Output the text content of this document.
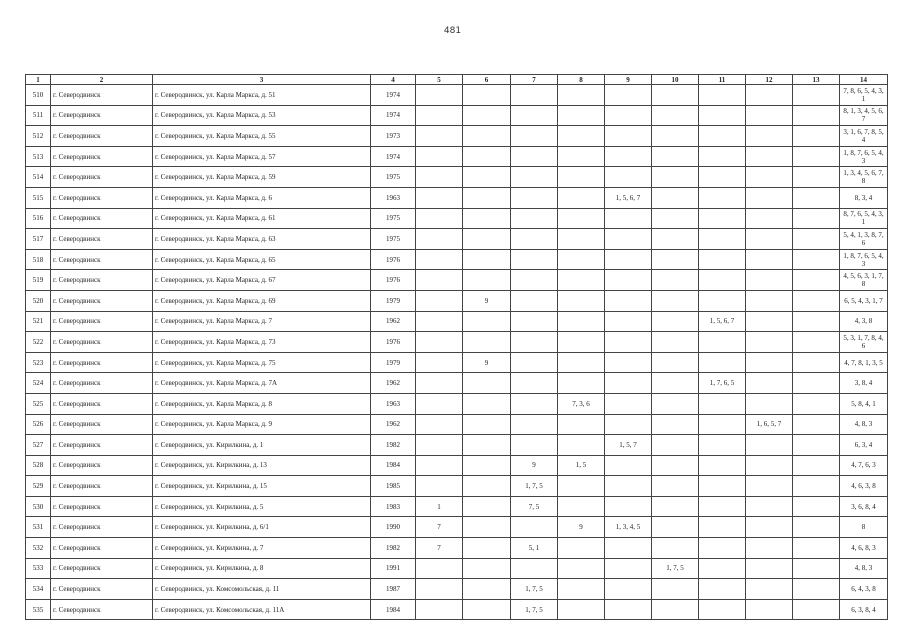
481
1	2	3	4	5	6	7	8	9	10	11	12	13	14
510	г. Северодвинск	г. Северодвинск, ул. Карла Маркса, д. 51	1974										7, 8, 6, 5, 4, 3, 1
511	г. Северодвинск	г. Северодвинск, ул. Карла Маркса, д. 53	1974										8, 1, 3, 4, 5, 6, 7
512	г. Северодвинск	г. Северодвинск, ул. Карла Маркса, д. 55	1973										3, 1, 6, 7, 8, 5, 4
513	г. Северодвинск	г. Северодвинск, ул. Карла Маркса, д. 57	1974										1, 8, 7, 6, 5, 4, 3
514	г. Северодвинск	г. Северодвинск, ул. Карла Маркса, д. 59	1975										1, 3, 4, 5, 6, 7, 8
515	г. Северодвинск	г. Северодвинск, ул. Карла Маркса, д. 6	1963					1, 5, 6, 7					8, 3, 4
516	г. Северодвинск	г. Северодвинск, ул. Карла Маркса, д. 61	1975										8, 7, 6, 5, 4, 3, 1
517	г. Северодвинск	г. Северодвинск, ул. Карла Маркса, д. 63	1975										5, 4, 1, 3, 8, 7, 6
518	г. Северодвинск	г. Северодвинск, ул. Карла Маркса, д. 65	1976										1, 8, 7, 6, 5, 4, 3
519	г. Северодвинск	г. Северодвинск, ул. Карла Маркса, д. 67	1976										4, 5, 6, 3, 1, 7, 8
520	г. Северодвинск	г. Северодвинск, ул. Карла Маркса, д. 69	1979		9								6, 5, 4, 3, 1, 7
521	г. Северодвинск	г. Северодвинск, ул. Карла Маркса, д. 7	1962							1, 5, 6, 7			4, 3, 8
522	г. Северодвинск	г. Северодвинск, ул. Карла Маркса, д. 73	1976										5, 3, 1, 7, 8, 4, 6
523	г. Северодвинск	г. Северодвинск, ул. Карла Маркса, д. 75	1979		9								4, 7, 8, 1, 3, 5
524	г. Северодвинск	г. Северодвинск, ул. Карла Маркса, д. 7А	1962							1, 7, 6, 5			3, 8, 4
525	г. Северодвинск	г. Северодвинск, ул. Карла Маркса, д. 8	1963				7, 3, 6						5, 8, 4, 1
526	г. Северодвинск	г. Северодвинск, ул. Карла Маркса, д. 9	1962								1, 6, 5, 7		4, 8, 3
527	г. Северодвинск	г. Северодвинск, ул. Кирилкина, д. 1	1982					1, 5, 7					6, 3, 4
528	г. Северодвинск	г. Северодвинск, ул. Кирилкина, д. 13	1984			9	1, 5						4, 7, 6, 3
529	г. Северодвинск	г. Северодвинск, ул. Кирилкина, д. 15	1985			1, 7, 5							4, 6, 3, 8
530	г. Северодвинск	г. Северодвинск, ул. Кирилкина, д. 5	1983	1		7, 5							3, 6, 8, 4
531	г. Северодвинск	г. Северодвинск, ул. Кирилкина, д. 6/1	1990	7			9	1, 3, 4, 5					8
532	г. Северодвинск	г. Северодвинск, ул. Кирилкина, д. 7	1982	7		5, 1							4, 6, 8, 3
533	г. Северодвинск	г. Северодвинск, ул. Кирилкина, д. 8	1991						1, 7, 5				4, 8, 3
534	г. Северодвинск	г. Северодвинск, ул. Комсомольская, д. 11	1987			1, 7, 5							6, 4, 3, 8
535	г. Северодвинск	г. Северодвинск, ул. Комсомольская, д. 11А	1984			1, 7, 5							6, 3, 8, 4
